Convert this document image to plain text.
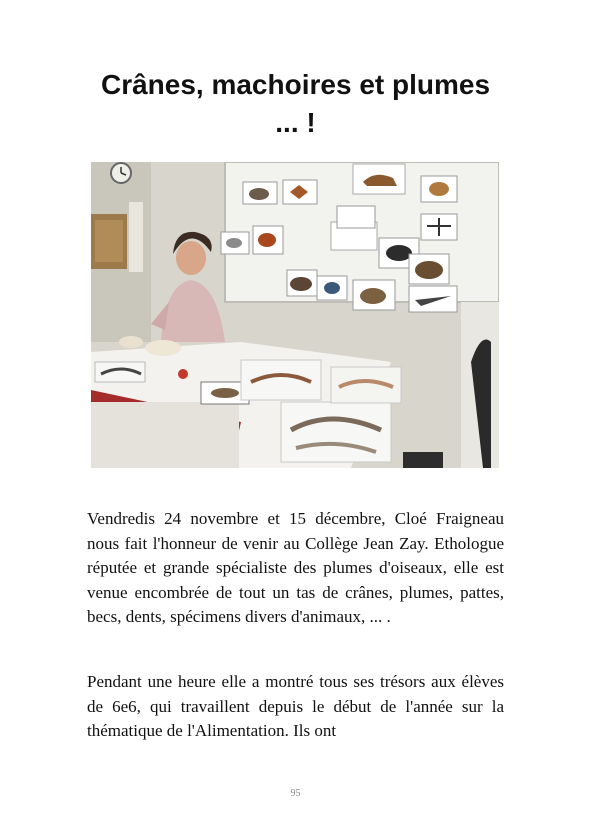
Crânes, machoires et plumes
... !

Vendredis 24 novembre et 15 décembre, Cloé Fraigneau nous fait l'honneur de venir au Collège Jean Zay. Ethologue réputée et grande spécialiste des plumes d'oiseaux, elle est venue encombrée de tout un tas de crânes, plumes, pattes, becs, dents, spécimens divers d'animaux, ... .

Pendant une heure elle a montré tous ses trésors aux élèves de 6e6, qui travaillent depuis le début de l'année sur la thématique de l'Alimentation. Ils ont

95
